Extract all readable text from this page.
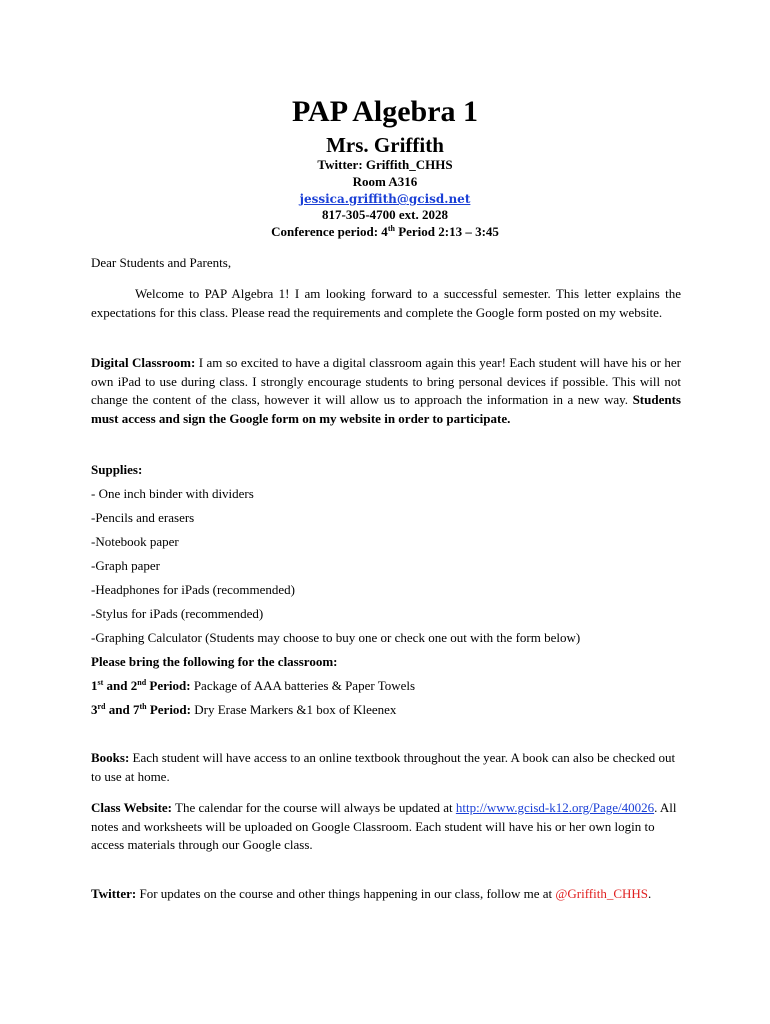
PAP Algebra 1
Mrs. Griffith
Twitter: Griffith_CHHS
Room A316
jessica.griffith@gcisd.net
817-305-4700 ext. 2028
Conference period: 4th Period 2:13 – 3:45
Dear Students and Parents,
Welcome to PAP Algebra 1! I am looking forward to a successful semester. This letter explains the expectations for this class. Please read the requirements and complete the Google form posted on my website.
Digital Classroom: I am so excited to have a digital classroom again this year! Each student will have his or her own iPad to use during class. I strongly encourage students to bring personal devices if possible. This will not change the content of the class, however it will allow us to approach the information in a new way. Students must access and sign the Google form on my website in order to participate.
Supplies:
- One inch binder with dividers
-Pencils and erasers
-Notebook paper
-Graph paper
-Headphones for iPads (recommended)
-Stylus for iPads (recommended)
-Graphing Calculator (Students may choose to buy one or check one out with the form below)
Please bring the following for the classroom:
1st and 2nd Period: Package of AAA batteries & Paper Towels
3rd and 7th Period: Dry Erase Markers &1 box of Kleenex
Books: Each student will have access to an online textbook throughout the year. A book can also be checked out to use at home.
Class Website: The calendar for the course will always be updated at http://www.gcisd-k12.org/Page/40026. All notes and worksheets will be uploaded on Google Classroom. Each student will have his or her own login to access materials through our Google class.
Twitter: For updates on the course and other things happening in our class, follow me at @Griffith_CHHS.
